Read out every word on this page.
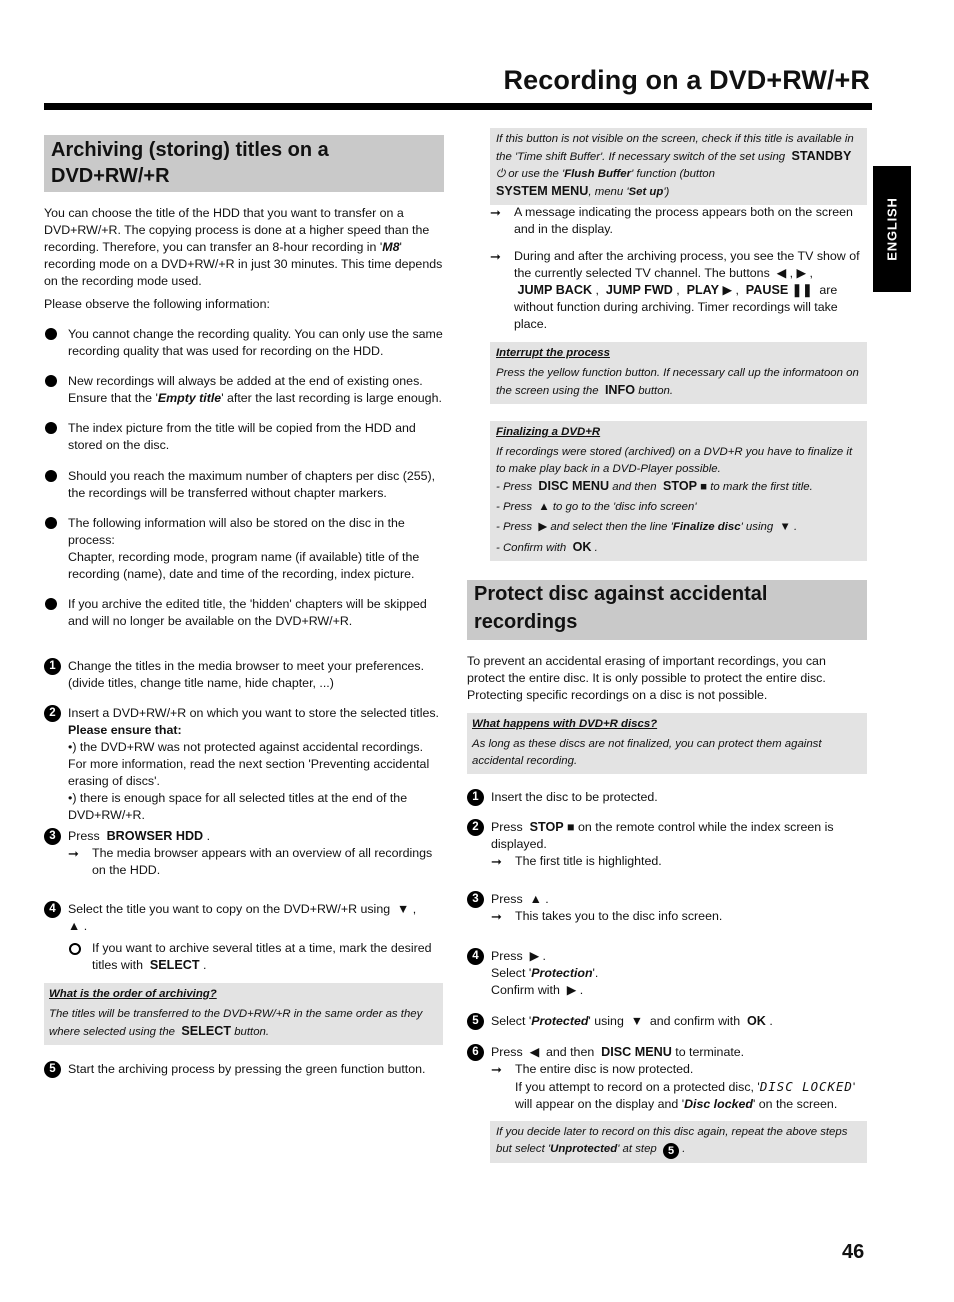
Recording on a DVD+RW/+R
ENGLISH
Archiving (storing) titles on a DVD+RW/+R

You can choose the title of the HDD that you want to transfer on a DVD+RW/+R. The copying process is done at a higher speed than the recording. Therefore, you can transfer an 8-hour recording in 'M8' recording mode on a DVD+RW/+R in just 30 minutes. This time depends on the recording mode used.

Please observe the following information:

You cannot change the recording quality. You can only use the same recording quality that was used for recording on the HDD.
New recordings will always be added at the end of existing ones. Ensure that the 'Empty title' after the last recording is large enough.
The index picture from the title will be copied from the HDD and stored on the disc.
Should you reach the maximum number of chapters per disc (255), the recordings will be transferred without chapter markers.
The following information will also be stored on the disc in the process:
Chapter, recording mode, program name (if available) title of the recording (name), date and time of the recording, index picture.
If you archive the edited title, the 'hidden' chapters will be skipped and will no longer be available on the DVD+RW/+R.
1 Change the titles in the media browser to meet your preferences. (divide titles, change title name, hide chapter, ...)
2 Insert a DVD+RW/+R on which you want to store the selected titles.
Please ensure that:
•) the DVD+RW was not protected against accidental recordings. For more information, read the next section 'Preventing accidental erasing of discs'.
•) there is enough space for all selected titles at the end of the DVD+RW/+R.
3 Press BROWSER HDD .
➞ The media browser appears with an overview of all recordings on the HDD.
4 Select the title you want to copy on the DVD+RW/+R using ▼ ,
▲ .
If you want to archive several titles at a time, mark the desired titles with SELECT .
What is the order of archiving?
The titles will be transferred to the DVD+RW/+R in the same order as they where selected using the SELECT button.
5 Start the archiving process by pressing the green function button.
If this button is not visible on the screen, check if this title is available in the 'Time shift Buffer'. If necessary switch of the set using STANDBY ⏻ or use the 'Flush Buffer' function (button
SYSTEM MENU, menu 'Set up')
➞ A message indicating the process appears both on the screen and in the display.
➞ During and after the archiving process, you see the TV show of the currently selected TV channel. The buttons ◀ , ▶ ,
JUMP BACK ,  JUMP FWD ,  PLAY ▶ ,  PAUSE ❚❚ are
without function during archiving. Timer recordings will take place.
Interrupt the process
Press the yellow function button. If necessary call up the informatoon on the screen using the INFO button.
Finalizing a DVD+R
If recordings were stored (archived) on a DVD+R you have to finalize it to make play back in a DVD-Player possible.
- Press DISC MENU and then STOP ■ to mark the first title.
- Press ▲ to go to the 'disc info screen'
- Press ▶ and select then the line 'Finalize disc' using ▼ .
- Confirm with OK .
Protect disc against accidental recordings

To prevent an accidental erasing of important recordings, you can protect the entire disc. It is only possible to protect the entire disc. Protecting specific recordings on a disc is not possible.

What happens with DVD+R discs?
As long as these discs are not finalized, you can protect them against accidental recording.
1 Insert the disc to be protected.
2 Press STOP ■ on the remote control while the index screen is displayed.
➞ The first title is highlighted.
3 Press ▲ .
➞ This takes you to the disc info screen.
4 Press ▶ .
Select 'Protection'.
Confirm with ▶ .
5 Select 'Protected' using ▼ and confirm with OK .
6 Press ◀ and then DISC MENU to terminate.
➞ The entire disc is now protected.
If you attempt to record on a protected disc, 'DISC LOCKED' will appear on the display and 'Disc locked' on the screen.
If you decide later to record on this disc again, repeat the above steps but select 'Unprotected' at step 5 .
46
